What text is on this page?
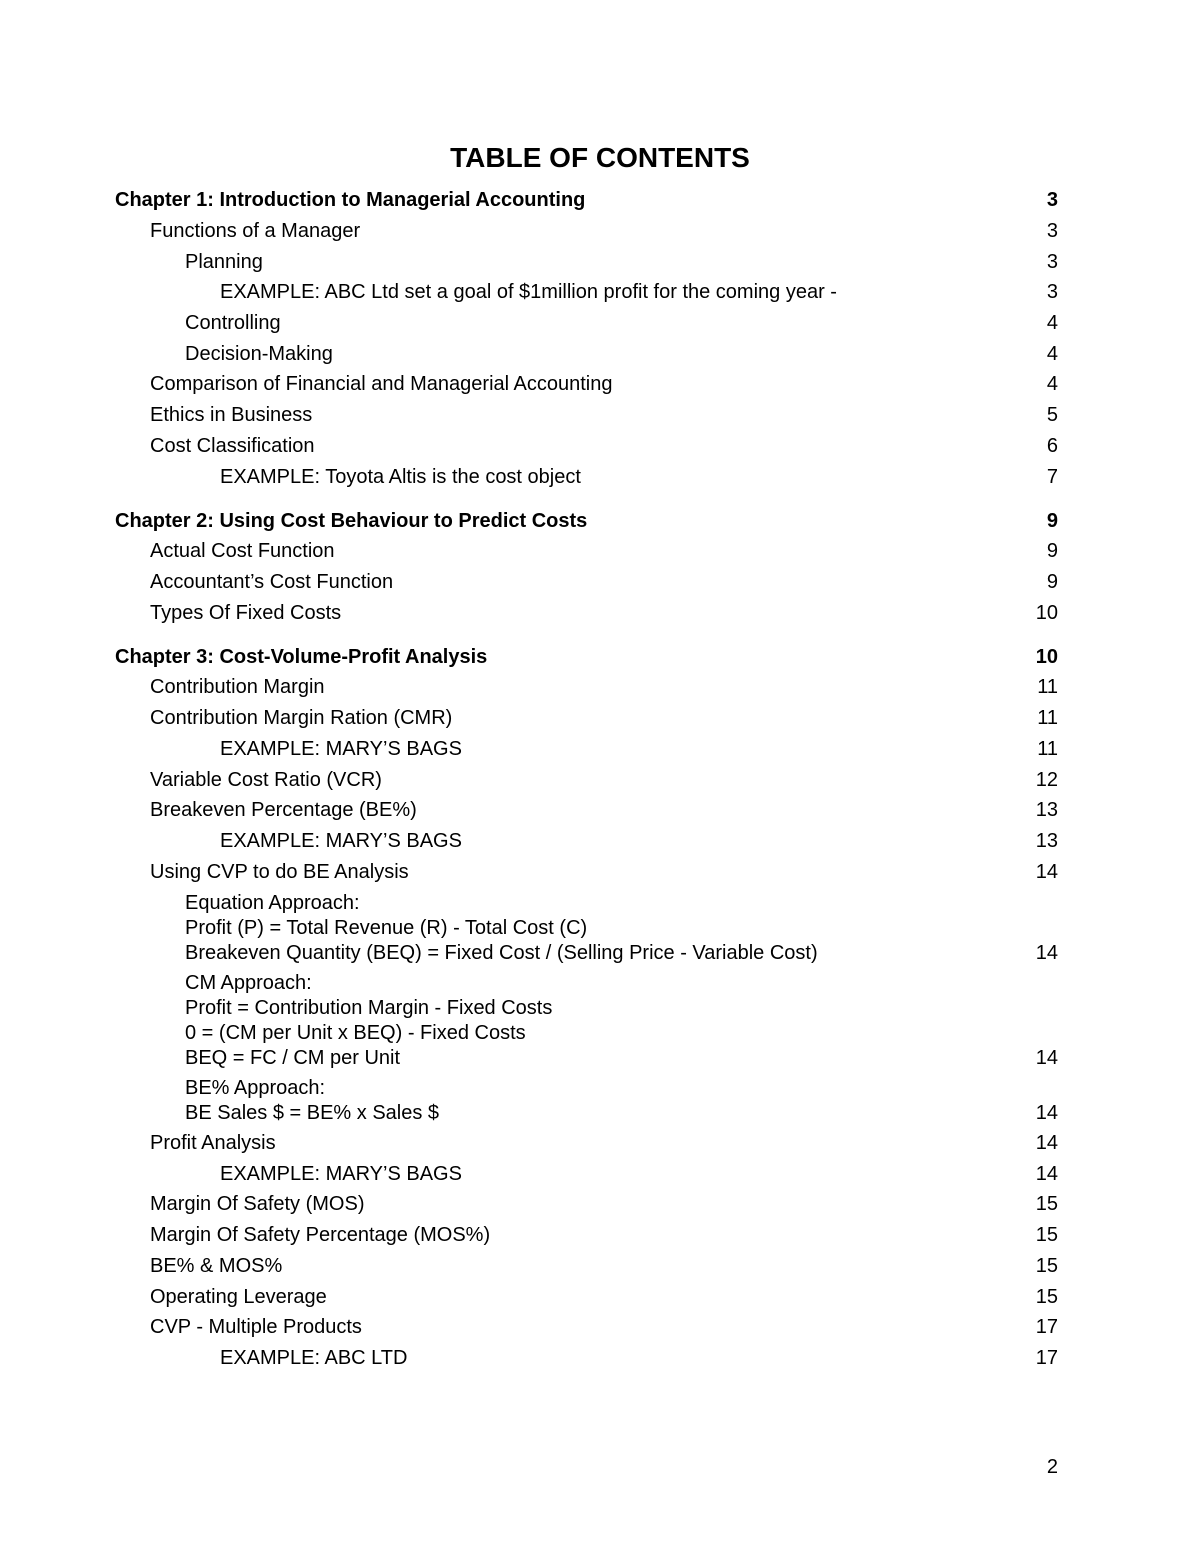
TABLE OF CONTENTS
Chapter 1: Introduction to Managerial Accounting	3
Functions of a Manager	3
Planning	3
EXAMPLE: ABC Ltd set a goal of $1million profit for the coming year -	3
Controlling	4
Decision-Making	4
Comparison of Financial and Managerial Accounting	4
Ethics in Business	5
Cost Classification	6
EXAMPLE: Toyota Altis is the cost object	7
Chapter 2: Using Cost Behaviour to Predict Costs	9
Actual Cost Function	9
Accountant’s Cost Function	9
Types Of Fixed Costs	10
Chapter 3: Cost-Volume-Profit Analysis	10
Contribution Margin	11
Contribution Margin Ration (CMR)	11
EXAMPLE: MARY’S BAGS	11
Variable Cost Ratio (VCR)	12
Breakeven Percentage (BE%)	13
EXAMPLE: MARY’S BAGS	13
Using CVP to do BE Analysis	14
Equation Approach:
Profit (P) = Total Revenue (R) - Total Cost (C)
Breakeven Quantity (BEQ) = Fixed Cost / (Selling Price - Variable Cost)	14
CM Approach:
Profit = Contribution Margin - Fixed Costs
0 = (CM per Unit x BEQ) - Fixed Costs
BEQ = FC / CM per Unit	14
BE% Approach:
BE Sales $ = BE% x Sales $	14
Profit Analysis	14
EXAMPLE: MARY’S BAGS	14
Margin Of Safety (MOS)	15
Margin Of Safety Percentage (MOS%)	15
BE% & MOS%	15
Operating Leverage	15
CVP - Multiple Products	17
EXAMPLE: ABC LTD	17
2
